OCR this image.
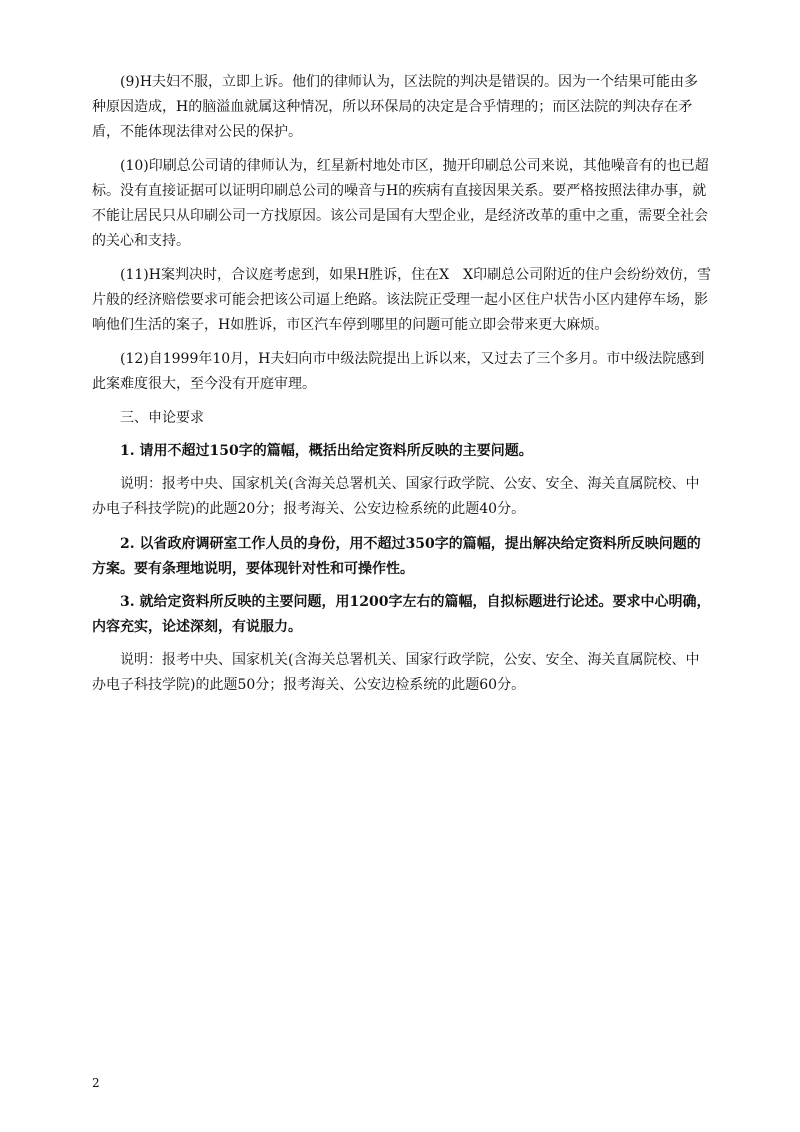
(9)H夫妇不服，立即上诉。他们的律师认为，区法院的判决是错误的。因为一个结果可能由多种原因造成，H的脑溢血就属这种情况，所以环保局的决定是合乎情理的；而区法院的判决存在矛盾，不能体现法律对公民的保护。

(10)印刷总公司请的律师认为，红星新村地处市区，抛开印刷总公司来说，其他噪音有的也已超标。没有直接证据可以证明印刷总公司的噪音与H的疾病有直接因果关系。要严格按照法律办事，就不能让居民只从印刷公司一方找原因。该公司是国有大型企业，是经济改革的重中之重，需要全社会的关心和支持。

(11)H案判决时，合议庭考虑到，如果H胜诉，住在X　X印刷总公司附近的住户会纷纷效仿，雪片般的经济赔偿要求可能会把该公司逼上绝路。该法院正受理一起小区住户状告小区内建停车场，影响他们生活的案子，H如胜诉，市区汽车停到哪里的问题可能立即会带来更大麻烦。

(12)自1999年10月，H夫妇向市中级法院提出上诉以来，又过去了三个多月。市中级法院感到此案难度很大，至今没有开庭审理。

三、申论要求

1. 请用不超过150字的篇幅，概括出给定资料所反映的主要问题。

说明：报考中央、国家机关(含海关总署机关、国家行政学院、公安、安全、海关直属院校、中办电子科技学院)的此题20分；报考海关、公安边检系统的此题40分。

2. 以省政府调研室工作人员的身份，用不超过350字的篇幅，提出解决给定资料所反映问题的方案。要有条理地说明，要体现针对性和可操作性。

3. 就给定资料所反映的主要问题，用1200字左右的篇幅，自拟标题进行论述。要求中心明确，内容充实，论述深刻，有说服力。

说明：报考中央、国家机关(含海关总署机关、国家行政学院，公安、安全、海关直属院校、中办电子科技学院)的此题50分；报考海关、公安边检系统的此题60分。

2
